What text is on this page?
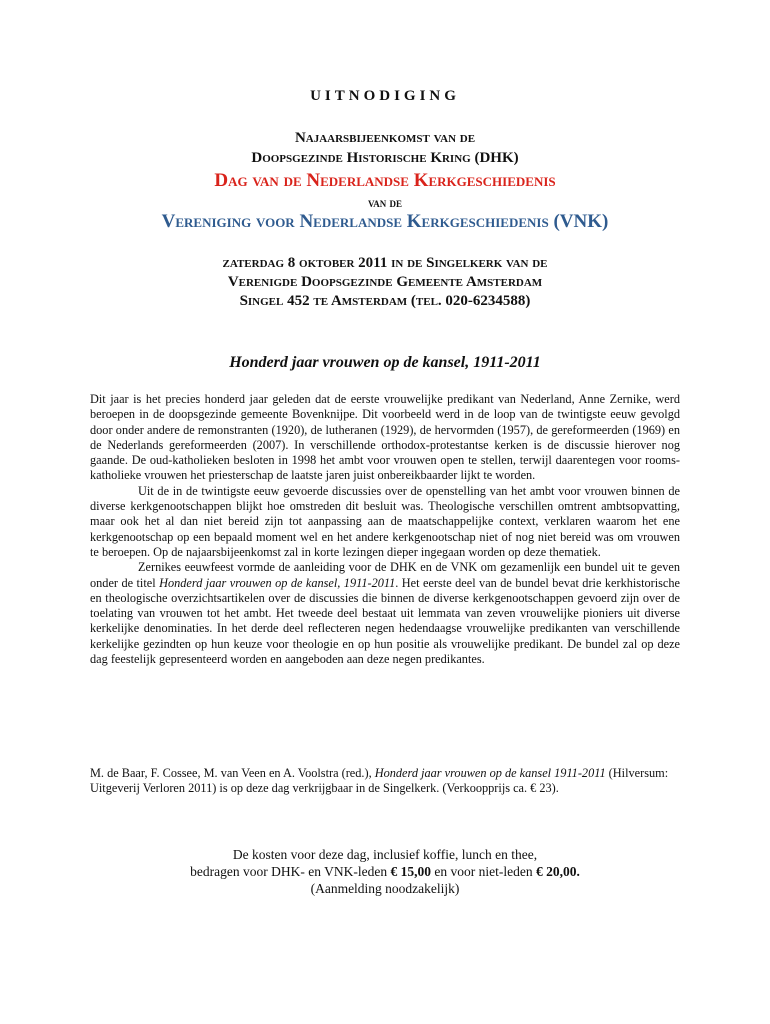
UITNODIGING
Najaarsbijeenkomst van de
Doopsgezinde Historische Kring (DHK)
Dag van de Nederlandse Kerkgeschiedenis
van de
Vereniging voor Nederlandse Kerkgeschiedenis (VNK)
zaterdag 8 oktober 2011 in de Singelkerk van de
Verenigde Doopsgezinde Gemeente Amsterdam
Singel 452 te Amsterdam (tel. 020-6234588)
Honderd jaar vrouwen op de kansel, 1911-2011

Dit jaar is het precies honderd jaar geleden dat de eerste vrouwelijke predikant van Nederland, Anne Zernike, werd beroepen in de doopsgezinde gemeente Bovenknijpe. Dit voorbeeld werd in de loop van de twintigste eeuw gevolgd door onder andere de remonstranten (1920), de lutheranen (1929), de hervormden (1957), de gereformeerden (1969) en de Nederlands gereformeerden (2007). In verschillende orthodox-protestantse kerken is de discussie hierover nog gaande. De oud-katholieken besloten in 1998 het ambt voor vrouwen open te stellen, terwijl daarentegen voor rooms-katholieke vrouwen het priesterschap de laatste jaren juist onbereikbaarder lijkt te worden.

Uit de in de twintigste eeuw gevoerde discussies over de openstelling van het ambt voor vrouwen binnen de diverse kerkgenootschappen blijkt hoe omstreden dit besluit was. Theologische verschillen omtrent ambtsopvatting, maar ook het al dan niet bereid zijn tot aanpassing aan de maatschappelijke context, verklaren waarom het ene kerkgenootschap op een bepaald moment wel en het andere kerkgenootschap niet of nog niet bereid was om vrouwen te beroepen. Op de najaarsbijeenkomst zal in korte lezingen dieper ingegaan worden op deze thematiek.

Zernikes eeuwfeest vormde de aanleiding voor de DHK en de VNK om gezamenlijk een bundel uit te geven onder de titel Honderd jaar vrouwen op de kansel, 1911-2011. Het eerste deel van de bundel bevat drie kerkhistorische en theologische overzichtsartikelen over de discussies die binnen de diverse kerkgenootschappen gevoerd zijn over de toelating van vrouwen tot het ambt. Het tweede deel bestaat uit lemmata van zeven vrouwelijke pioniers uit diverse kerkelijke denominaties. In het derde deel reflecteren negen hedendaagse vrouwelijke predikanten van verschillende kerkelijke gezindten op hun keuze voor theologie en op hun positie als vrouwelijke predikant. De bundel zal op deze dag feestelijk gepresenteerd worden en aangeboden aan deze negen predikantes.

M. de Baar, F. Cossee, M. van Veen en A. Voolstra (red.), Honderd jaar vrouwen op de kansel 1911-2011 (Hilversum: Uitgeverij Verloren 2011) is op deze dag verkrijgbaar in de Singelkerk. (Verkoopprijs ca. € 23).
De kosten voor deze dag, inclusief koffie, lunch en thee,
bedragen voor DHK- en VNK-leden € 15,00 en voor niet-leden € 20,00.
(Aanmelding noodzakelijk)
